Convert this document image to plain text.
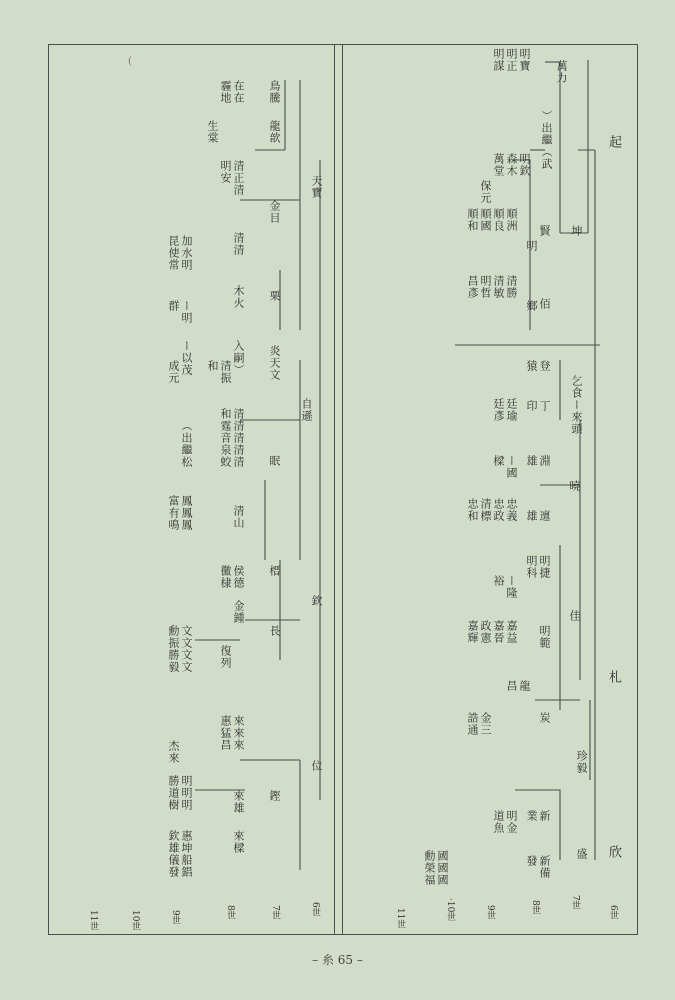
(
起
札
欣
坤
萬力
）出繼（武
明寶
明正
明謀
明欽
森木
萬堂
保元
賢
明
順洲
順良
順國
順和
佰
鄉
清勝
清敏
明哲
昌彥
乞食ー來頭
登
猿
丁
印
廷瑜
廷彥
曉
淵
雄
ー國
樑
邅
雄
忠義
忠政
清標
忠和
佳
明捷
明科
ー隆
裕
明範
嘉益
嘉晉
政憲
嘉輝
龍
昌
炭
金三
誥通
珍毅
新
業
新備
發
明金
道魚
盛
國國國
勳榮福
鳥騰
在在
霾地
生棠	龍歆
天寶
金目
清正清
明安
加水明
昆使常	清清
栗
木火
ー明
群
炎天文
入嗣）
清振
和
ー以茂
成元
自遜
眠
清清清清清
和霆音泉蛟
（出繼松
清山
鳳鳳鳳
富有鳴
欽
榗
長
侯德
黴棣
金鍾
復列
文文文文
勳振勝毅
位
鏗
來來來
惠猛昌
杰來
來雄
明明明
勝道樹
來樑
惠坤船錩
欽雄儀發
6世
7世
8世
9世
·10世
11世
6世
7世
8世
9世
10世
11世
– 糸 65 –
